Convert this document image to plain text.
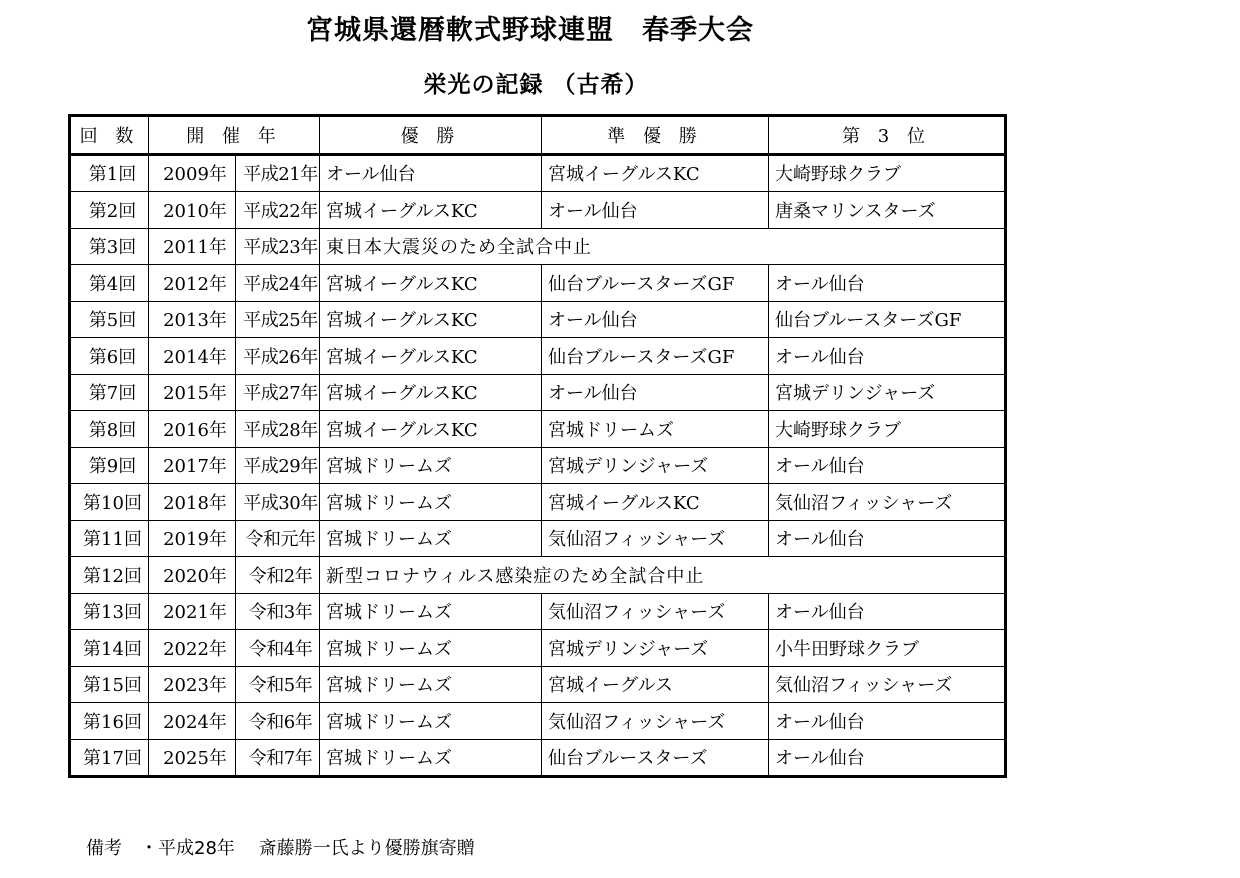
宮城県還暦軟式野球連盟　春季大会
栄光の記録 （古希）
回 数	開 催 年		優 勝	準 優 勝	第 3 位
第1回	2009年	平成21年	オール仙台	宮城イーグルスKC	大崎野球クラブ
第2回	2010年	平成22年	宮城イーグルスKC	オール仙台	唐桑マリンスターズ
第3回	2011年	平成23年	東日本大震災のため全試合中止		
第4回	2012年	平成24年	宮城イーグルスKC	仙台ブルースターズGF	オール仙台
第5回	2013年	平成25年	宮城イーグルスKC	オール仙台	仙台ブルースターズGF
第6回	2014年	平成26年	宮城イーグルスKC	仙台ブルースターズGF	オール仙台
第7回	2015年	平成27年	宮城イーグルスKC	オール仙台	宮城デリンジャーズ
第8回	2016年	平成28年	宮城イーグルスKC	宮城ドリームズ	大崎野球クラブ
第9回	2017年	平成29年	宮城ドリームズ	宮城デリンジャーズ	オール仙台
第10回	2018年	平成30年	宮城ドリームズ	宮城イーグルスKC	気仙沼フィッシャーズ
第11回	2019年	令和元年	宮城ドリームズ	気仙沼フィッシャーズ	オール仙台
第12回	2020年	令和2年	新型コロナウィルス感染症のため全試合中止		
第13回	2021年	令和3年	宮城ドリームズ	気仙沼フィッシャーズ	オール仙台
第14回	2022年	令和4年	宮城ドリームズ	宮城デリンジャーズ	小牛田野球クラブ
第15回	2023年	令和5年	宮城ドリームズ	宮城イーグルス	気仙沼フィッシャーズ
第16回	2024年	令和6年	宮城ドリームズ	気仙沼フィッシャーズ	オール仙台
第17回	2025年	令和7年	宮城ドリームズ	仙台ブルースターズ	オール仙台
備考　・平成28年　 斎藤勝一氏より優勝旗寄贈
